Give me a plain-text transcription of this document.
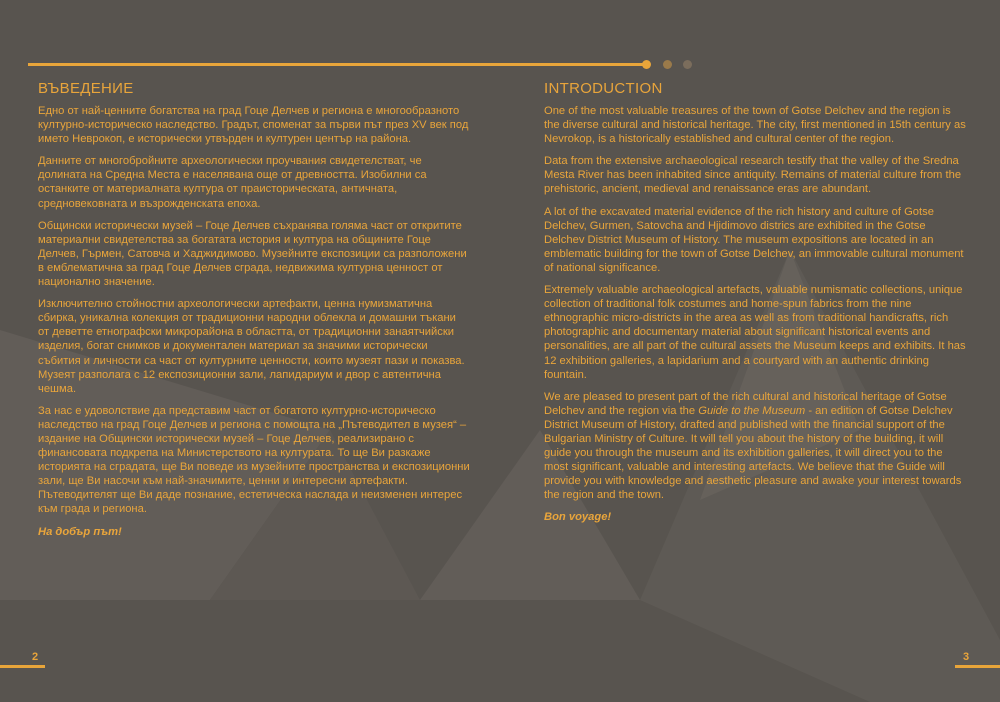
ВЪВЕДЕНИЕ

Едно от най-ценните богатства на град Гоце Делчев и региона е многообразното културно-историческо наследство. Градът, споменат за първи път през XV век под името Неврокоп, е исторически утвърден и културен център на района.

Данните от многобройните археологически проучвания свидетелстват, че долината на Средна Места е населявана още от древността. Изобилни са останките от материалната култура от праисторическата, античната, средновековната и възрожденската епоха.

Общински исторически музей – Гоце Делчев съхранява голяма част от откритите материални свидетелства за богатата история и култура на общините Гоце Делчев, Гърмен, Сатовча и Хаджидимово. Музейните експозиции са разположени в емблематична за град Гоце Делчев сграда, недвижима културна ценност от национално значение.

Изключително стойностни археологически артефакти, ценна нумизматична сбирка, уникална колекция от традиционни народни облекла и домашни тъкани от деветте етнографски микрорайона в областта, от традиционни занаятчийски изделия, богат снимков и документален материал за значими исторически събития и личности са част от културните ценности, които музеят пази и показва. Музеят разполага с 12 експозиционни зали, лапидариум и двор с автентична чешма.

За нас е удоволствие да представим част от богатото културно-историческо наследство на град Гоце Делчев и региона с помощта на „Пътеводител в музея“ – издание на Общински исторически музей – Гоце Делчев, реализирано с финансовата подкрепа на Министерството на културата. То ще Ви разкаже историята на сградата, ще Ви поведе из музейните пространства и експозиционни зали, ще Ви насочи към най-значимите, ценни и интересни артефакти. Пътеводителят ще Ви даде познание, естетическа наслада и неизменен интерес към града и региона.

На добър път!

INTRODUCTION

One of the most valuable treasures of the town of Gotse Delchev and the region is the diverse cultural and historical heritage. The city, first mentioned in 15th century as Nevrokop, is a historically established and cultural center of the region.

Data from the extensive archaeological research testify that the valley of the Sredna Mesta River has been inhabited since antiquity. Remains of material culture from the prehistoric, ancient, medieval and renaissance eras are abundant.

A lot of the excavated material evidence of the rich history and culture of Gotse Delchev, Gurmen, Satovcha and Hjidimovo districs are exhibited in the Gotse Delchev District Museum of History. The museum expositions are located in an emblematic building for the town of Gotse Delchev, an immovable cultural monument of national significance.

Extremely valuable archaeological artefacts, valuable numismatic collections, unique collection of traditional folk costumes and home-spun fabrics from the nine ethnographic micro-districts in the area as well as from traditional handicrafts, rich photographic and documentary material about significant historical events and personalities, are all part of the cultural assets the Museum keeps and exhibits. It has 12 exhibition galleries, a lapidarium and a courtyard with an authentic drinking fountain.

We are pleased to present part of the rich cultural and historical heritage of Gotse Delchev and the region via the Guide to the Museum - an edition of Gotse Delchev District Museum of History, drafted and published with the financial support of the Bulgarian Ministry of Culture. It will tell you about the history of the building, it will guide you through the museum and its exhibition galleries, it will direct you to the most significant, valuable and interesting artefacts. We believe that the Guide will provide you with knowledge and aesthetic pleasure and awake your interest towards the region and the town.

Bon voyage!

2	3
